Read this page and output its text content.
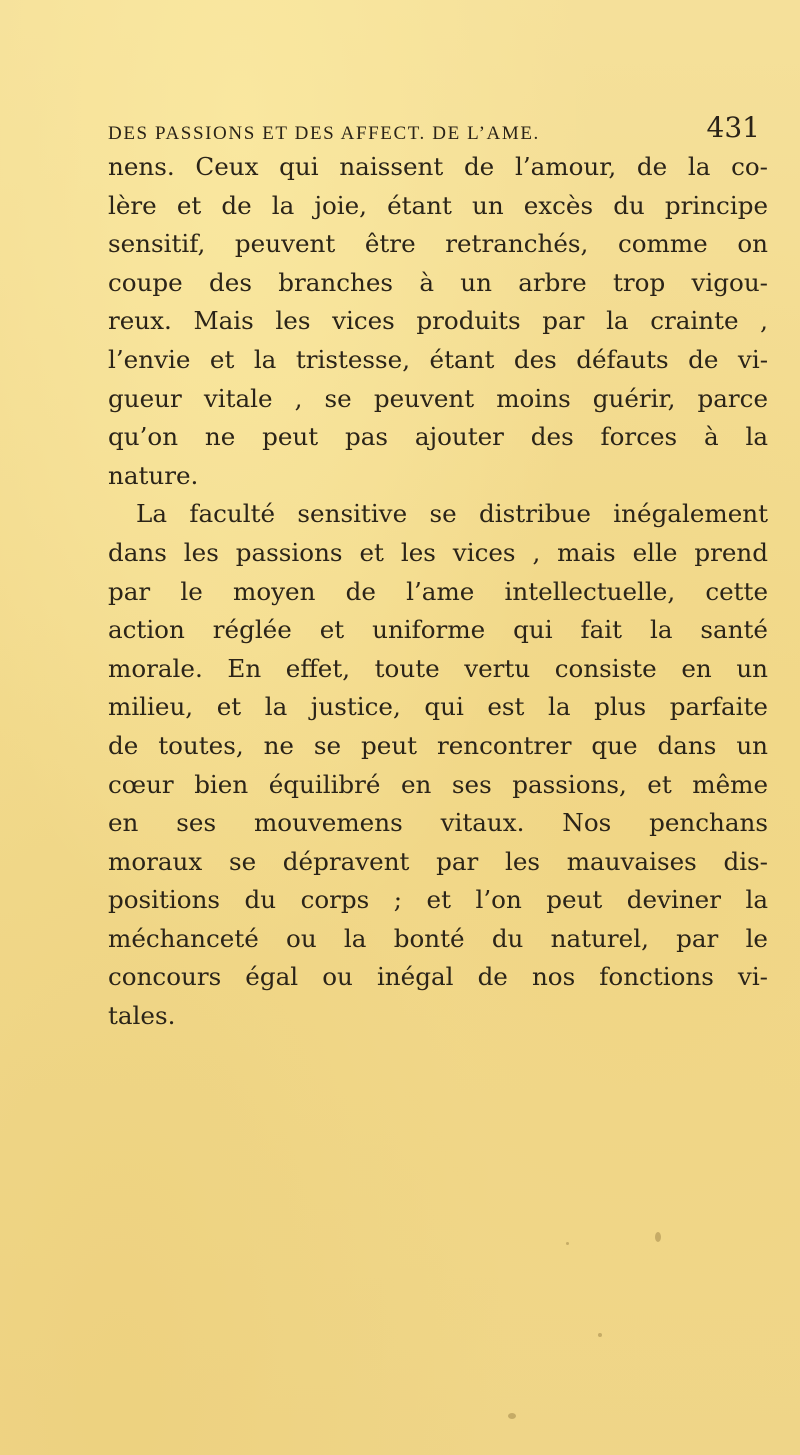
DES PASSIONS ET DES AFFECT. DE L’AME.	431
nens. Ceux qui naissent de l’amour, de la co-
lère et de la joie, étant un excès du principe
sensitif, peuvent être retranchés, comme on
coupe des branches à un arbre trop vigou-
reux. Mais les vices produits par la crainte ,
l’envie et la tristesse, étant des défauts de vi-
gueur vitale , se peuvent moins guérir, parce
qu’on ne peut pas ajouter des forces à la
nature.
La faculté sensitive se distribue inégalement
dans les passions et les vices , mais elle prend
par le moyen de l’ame intellectuelle, cette
action réglée et uniforme qui fait la santé
morale. En effet, toute vertu consiste en un
milieu, et la justice, qui est la plus parfaite
de toutes, ne se peut rencontrer que dans un
cœur bien équilibré en ses passions, et même
en ses mouvemens vitaux. Nos penchans
moraux se dépravent par les mauvaises dis-
positions du corps ; et l’on peut deviner la
méchanceté ou la bonté du naturel, par le
concours égal ou inégal de nos fonctions vi-
tales.
